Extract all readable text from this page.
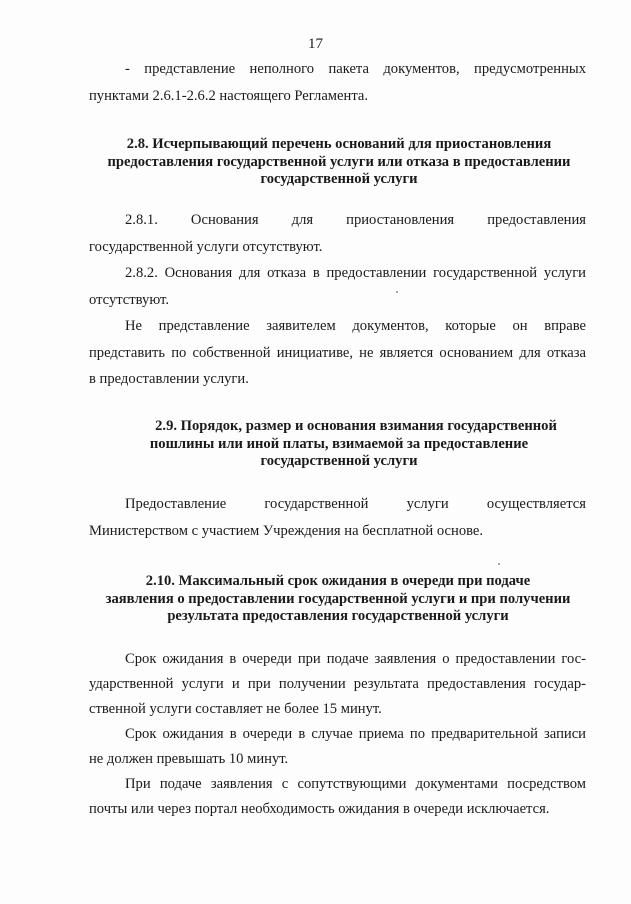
17
- представление неполного пакета документов, предусмотренных
пунктами 2.6.1-2.6.2 настоящего Регламента.
2.8. Исчерпывающий перечень оснований для приостановления
предоставления государственной услуги или отказа в предоставлении
государственной услуги
2.8.1. Основания для приостановления предоставления
государственной услуги отсутствуют.
2.8.2. Основания для отказа в предоставлении государственной услуги
отсутствуют.
Не представление заявителем документов, которые он вправе
представить по собственной инициативе, не является основанием для отказа
в предоставлении услуги.
2.9. Порядок, размер и основания взимания государственной
пошлины или иной платы, взимаемой за предоставление
государственной услуги
Предоставление	государственной	услуги	осуществляется
Министерством с участием Учреждения на бесплатной основе.
2.10. Максимальный срок ожидания в очереди при подаче
заявления о предоставлении государственной услуги и при получении
результата предоставления государственной услуги
Срок ожидания в очереди при подаче заявления о предоставлении гос-
ударственной услуги и при получении результата предоставления государ-
ственной услуги составляет не более 15 минут.
Срок ожидания в очереди в случае приема по предварительной записи
не должен превышать 10 минут.
При подаче заявления с сопутствующими документами посредством
почты или через портал необходимость ожидания в очереди исключается.
